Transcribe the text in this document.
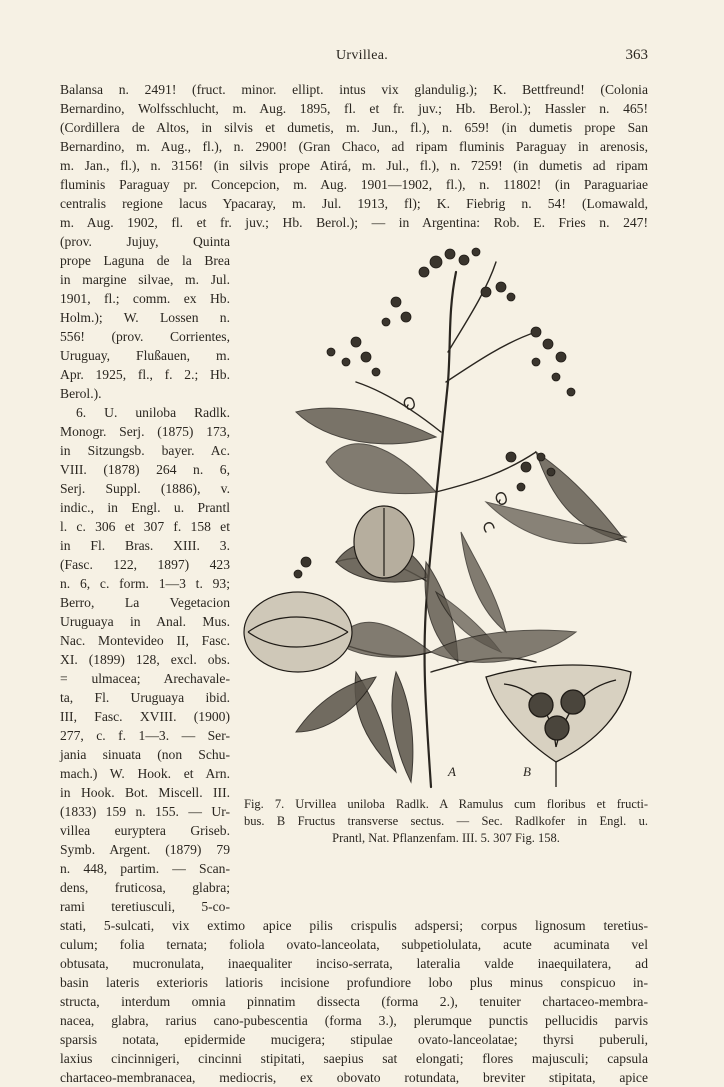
Urvillea.	363
Balansa n. 2491! (fruct. minor. ellipt. intus vix glandulig.); K. Bettfreund! (Colonia
Bernardino, Wolfsschlucht, m. Aug. 1895, fl. et fr. juv.; Hb. Berol.); Hassler n. 465!
(Cordillera de Altos, in silvis et dumetis, m. Jun., fl.), n. 659! (in dumetis prope San
Bernardino, m. Aug., fl.), n. 2900! (Gran Chaco, ad ripam fluminis Paraguay in arenosis,
m. Jan., fl.), n. 3156! (in silvis prope Atirá, m. Jul., fl.), n. 7259! (in dumetis ad ripam
fluminis Paraguay pr. Concepcion, m. Aug. 1901—1902, fl.), n. 11802! (in Paraguariae
centralis regione lacus Ypacaray, m. Jul. 1913, fl); K. Fiebrig n. 54! (Lomawald,
m. Aug. 1902, fl. et fr. juv.; Hb. Berol.); — in Argentina: Rob. E. Fries n. 247!
(prov. Jujuy, Quinta
prope Laguna de la Brea
in margine silvae, m. Jul.
1901, fl.; comm. ex Hb.
Holm.); W. Lossen n.
556! (prov. Corrientes,
Uruguay, Flußauen, m.
Apr. 1925, fl., f. 2.; Hb.
Berol.).
6. U. uniloba Radlk.
Monogr. Serj. (1875) 173,
in Sitzungsb. bayer. Ac.
VIII. (1878) 264 n. 6,
Serj. Suppl. (1886), v.
indic., in Engl. u. Prantl
l. c. 306 et 307 f. 158 et
in Fl. Bras. XIII. 3.
(Fasc. 122, 1897) 423
n. 6, c. form. 1—3 t. 93;
Berro, La Vegetacion
Uruguaya in Anal. Mus.
Nac. Montevideo II, Fasc.
XI. (1899) 128, excl. obs.
= ulmacea; Arechavale-
ta, Fl. Uruguaya ibid.
III, Fasc. XVIII. (1900)
277, c. f. 1—3. — Ser-
jania sinuata (non Schu-
mach.) W. Hook. et Arn.
in Hook. Bot. Miscell. III.
(1833) 159 n. 155. — Ur-
villea euryptera Griseb.
Symb. Argent. (1879) 79
n. 448, partim. — Scan-
dens, fruticosa, glabra;
rami teretiusculi, 5-co-
stati, 5-sulcati, vix extimo apice pilis crispulis adspersi; corpus lignosum teretius-
culum; folia ternata; foliola ovato-lanceolata, subpetiolulata, acute acuminata vel
obtusata, mucronulata, inaequaliter inciso-serrata, lateralia valde inaequilatera, ad
basin lateris exterioris latioris incisione profundiore lobo plus minus conspicuo in-
structa, interdum omnia pinnatim dissecta (forma 2.), tenuiter chartaceo-membra-
nacea, glabra, rarius cano-pubescentia (forma 3.), plerumque punctis pellucidis parvis
sparsis notata, epidermide mucigera; stipulae ovato-lanceolatae; thyrsi puberuli,
laxius cincinnigeri, cincinni stipitati, saepius sat elongati; flores majusculi; capsula
chartaceo-membranacea, mediocris, ex obovato rotundata, breviter stipitata, apice
A	B
Fig. 7. Urvillea uniloba Radlk. A Ramulus cum floribus et fructi-
bus. B Fructus transverse sectus. — Sec. Radlkofer in Engl. u.
Prantl, Nat. Pflanzenfam. III. 5. 307 Fig. 158.
